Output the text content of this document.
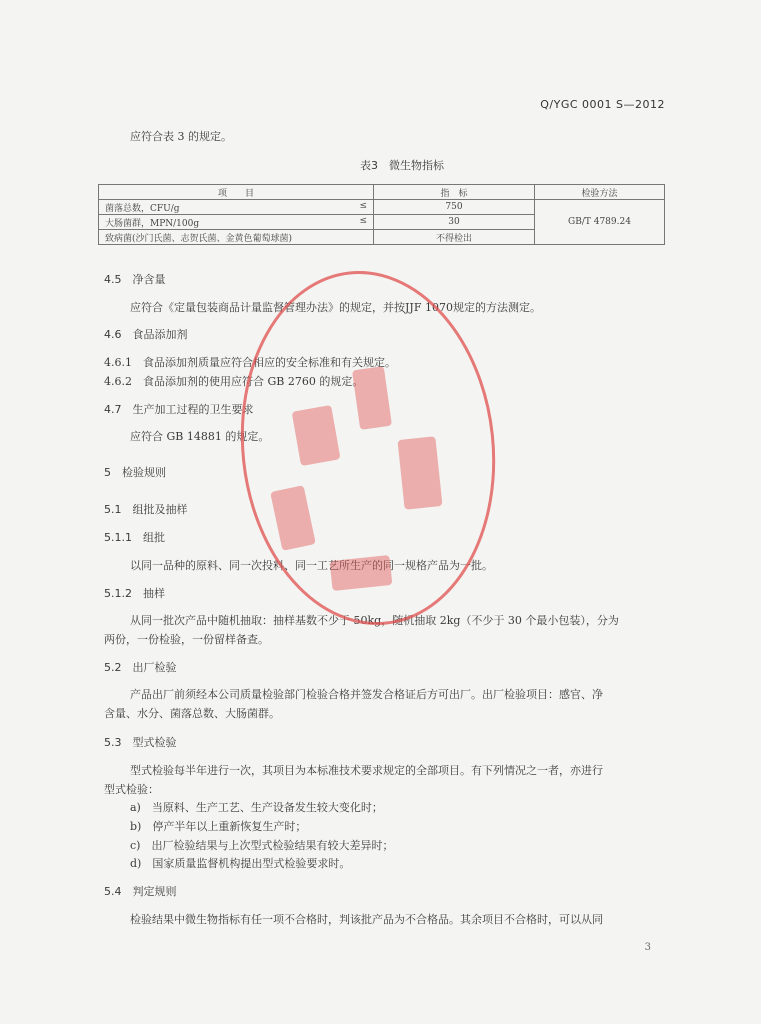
Q/YGC 0001 S—2012
应符合表 3 的规定。
表3　微生物指标
项　　目	指　标	检验方法
菌落总数，CFU/g ≤	750	GB/T 4789.24
大肠菌群，MPN/100g ≤	30	
致病菌(沙门氏菌、志贺氏菌、金黄色葡萄球菌)	不得检出	
4.5　净含量
应符合《定量包装商品计量监督管理办法》的规定，并按JJF 1070规定的方法测定。
4.6　食品添加剂
4.6.1　食品添加剂质量应符合相应的安全标准和有关规定。
4.6.2　食品添加剂的使用应符合 GB 2760 的规定。
4.7　生产加工过程的卫生要求
应符合 GB 14881 的规定。
5　检验规则
5.1　组批及抽样
5.1.1　组批
以同一品种的原料、同一次投料、同一工艺所生产的同一规格产品为一批。
5.1.2　抽样
从同一批次产品中随机抽取：抽样基数不少于 50kg，随机抽取 2kg（不少于 30 个最小包装），分为
两份，一份检验，一份留样备查。
5.2　出厂检验
产品出厂前须经本公司质量检验部门检验合格并签发合格证后方可出厂。出厂检验项目：感官、净
含量、水分、菌落总数、大肠菌群。
5.3　型式检验
型式检验每半年进行一次，其项目为本标准技术要求规定的全部项目。有下列情况之一者，亦进行
型式检验：
a)　当原料、生产工艺、生产设备发生较大变化时；
b)　停产半年以上重新恢复生产时；
c)　出厂检验结果与上次型式检验结果有较大差异时；
d)　国家质量监督机构提出型式检验要求时。
5.4　判定规则
检验结果中微生物指标有任一项不合格时，判该批产品为不合格品。其余项目不合格时，可以从同
3
